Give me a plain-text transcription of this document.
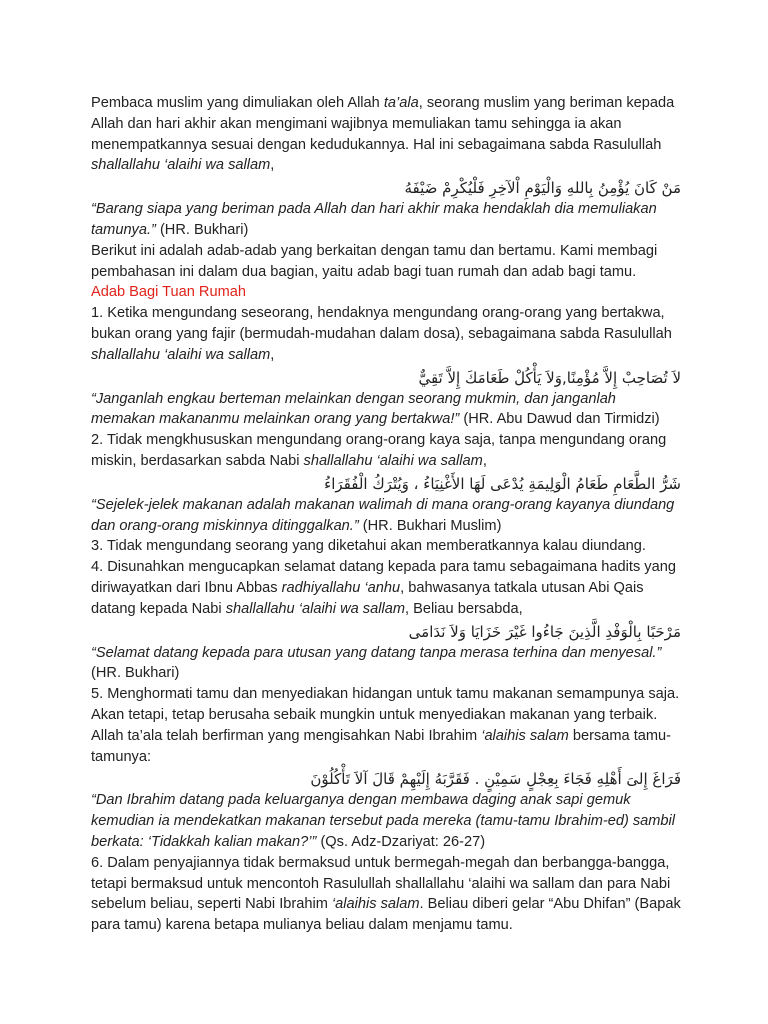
Pembaca muslim yang dimuliakan oleh Allah ta’ala, seorang muslim yang beriman kepada Allah dan hari akhir akan mengimani wajibnya memuliakan tamu sehingga ia akan menempatkannya sesuai dengan kedudukannya. Hal ini sebagaimana sabda Rasulullah shallallahu ‘alaihi wa sallam,

مَنْ كَانَ يُؤْمِنُ بِاللهِ وَالْيَوْمِ اْلآخِرِ فَلْيُكْرِمْ ضَيْفَهُ

“Barang siapa yang beriman pada Allah dan hari akhir maka hendaklah dia memuliakan tamunya.” (HR. Bukhari)

Berikut ini adalah adab-adab yang berkaitan dengan tamu dan bertamu. Kami membagi pembahasan ini dalam dua bagian, yaitu adab bagi tuan rumah dan adab bagi tamu.

Adab Bagi Tuan Rumah

1. Ketika mengundang seseorang, hendaknya mengundang orang-orang yang bertakwa, bukan orang yang fajir (bermudah-mudahan dalam dosa), sebagaimana sabda Rasulullah shallallahu ‘alaihi wa sallam,

لاَ تُصَاحِبْ إِلاَّ مُؤْمِنًا,وَلاَ يَأْكُلْ طَعَامَكَ إِلاَّ تَقِيٌّ

“Janganlah engkau berteman melainkan dengan seorang mukmin, dan janganlah memakan makananmu melainkan orang yang bertakwa!” (HR. Abu Dawud dan Tirmidzi)

2. Tidak mengkhususkan mengundang orang-orang kaya saja, tanpa mengundang orang miskin, berdasarkan sabda Nabi shallallahu ‘alaihi wa sallam,

شَرُّ الطَّعَامِ طَعَامُ الْوَلِيمَةِ يُدْعَى لَهَا الأَغْنِيَاءُ ، وَيُتْرَكُ الْفُقَرَاءُ

“Sejelek-jelek makanan adalah makanan walimah di mana orang-orang kayanya diundang dan orang-orang miskinnya ditinggalkan.” (HR. Bukhari Muslim)

3. Tidak mengundang seorang yang diketahui akan memberatkannya kalau diundang.

4. Disunahkan mengucapkan selamat datang kepada para tamu sebagaimana hadits yang diriwayatkan dari Ibnu Abbas radhiyallahu ‘anhu, bahwasanya tatkala utusan Abi Qais datang kepada Nabi shallallahu ‘alaihi wa sallam, Beliau bersabda,

مَرْحَبًا بِالْوَفْدِ الَّذِينَ جَاءُوا غَيْرَ خَزَايَا وَلاَ نَدَامَى

“Selamat datang kepada para utusan yang datang tanpa merasa terhina dan menyesal.” (HR. Bukhari)

5. Menghormati tamu dan menyediakan hidangan untuk tamu makanan semampunya saja. Akan tetapi, tetap berusaha sebaik mungkin untuk menyediakan makanan yang terbaik. Allah ta’ala telah berfirman yang mengisahkan Nabi Ibrahim ‘alaihis salam bersama tamu-tamunya:

فَرَاغَ إِلىَ أَهْلِهِ فَجَاءَ بِعِجْلٍ سَمِيْنٍ . فَقَرَّبَهُ إِلَيْهِمْ قَالَ آلاَ تَأْكُلُوْنَ

“Dan Ibrahim datang pada keluarganya dengan membawa daging anak sapi gemuk kemudian ia mendekatkan makanan tersebut pada mereka (tamu-tamu Ibrahim-ed) sambil berkata: ‘Tidakkah kalian makan?’” (Qs. Adz-Dzariyat: 26-27)

6. Dalam penyajiannya tidak bermaksud untuk bermegah-megah dan berbangga-bangga, tetapi bermaksud untuk mencontoh Rasulullah shallallahu ‘alaihi wa sallam dan para Nabi sebelum beliau, seperti Nabi Ibrahim ‘alaihis salam. Beliau diberi gelar “Abu Dhifan” (Bapak para tamu) karena betapa mulianya beliau dalam menjamu tamu.
